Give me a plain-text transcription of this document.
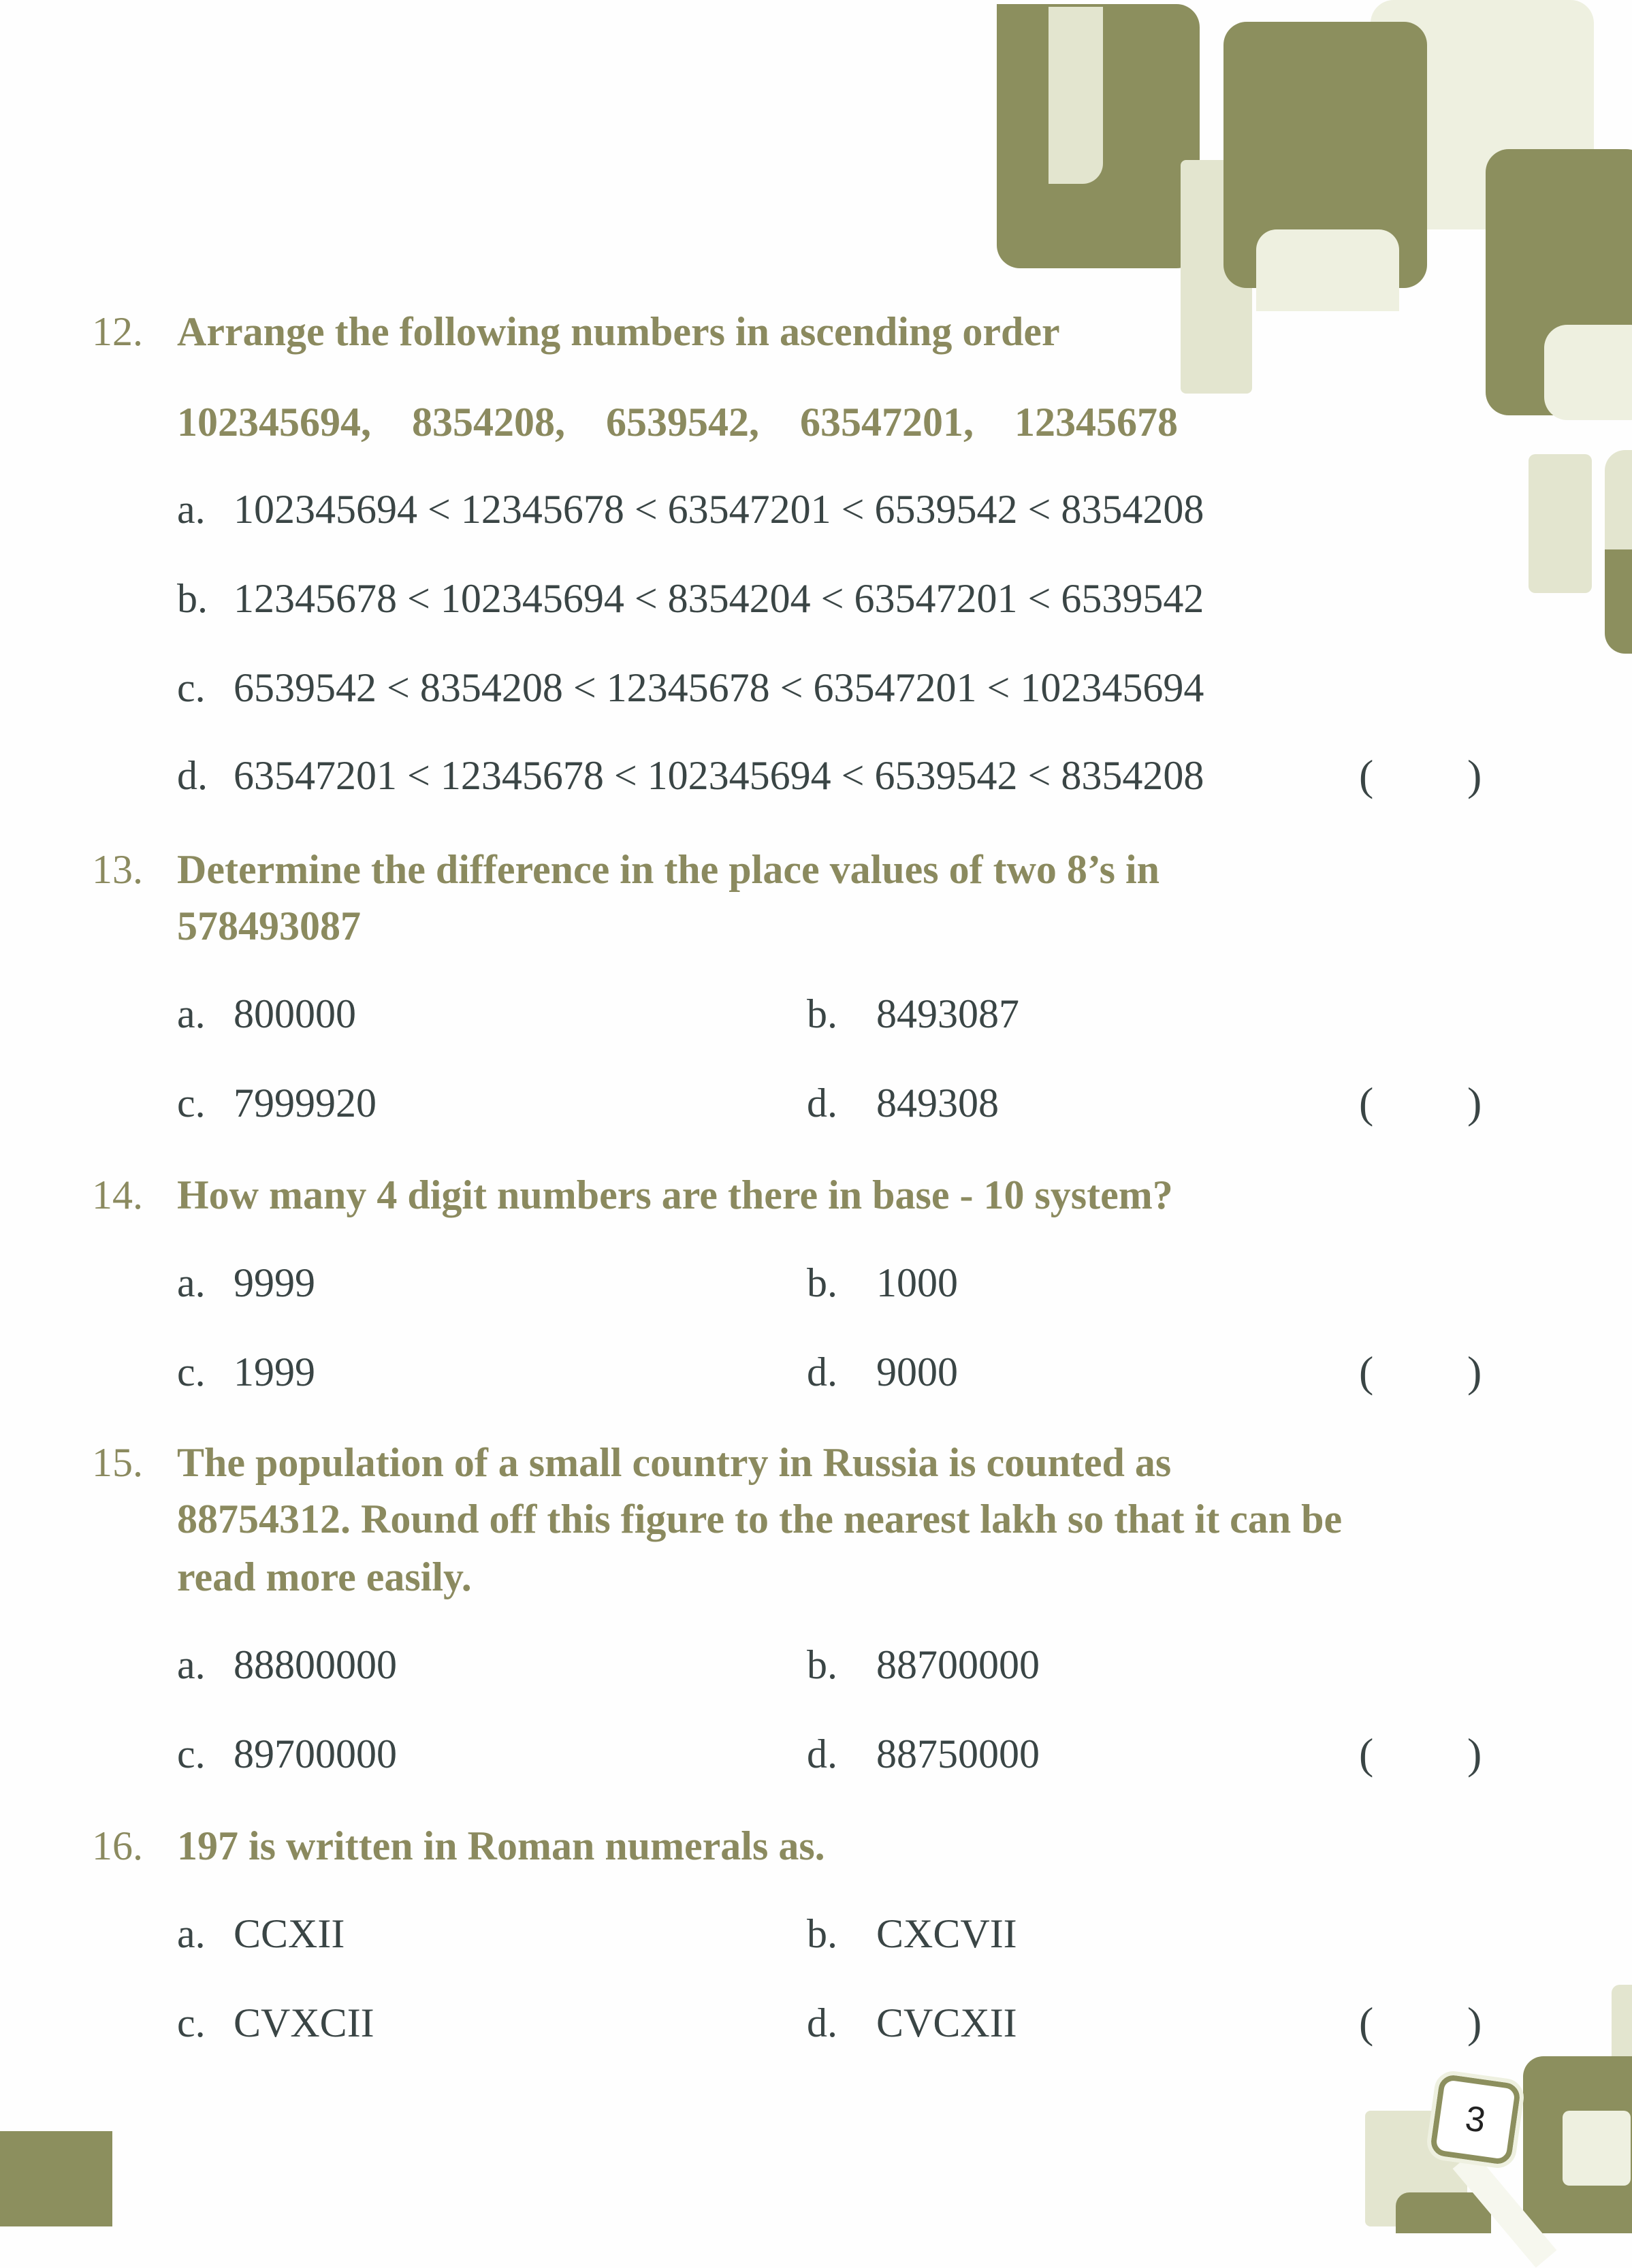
3
12. Arrange the following numbers in ascending order
102345694,    8354208,    6539542,    63547201,    12345678
a. 102345694 < 12345678 < 63547201 < 6539542 < 8354208
b. 12345678 < 102345694 < 8354204 < 63547201 < 6539542
c. 6539542 < 8354208 < 12345678 < 63547201 < 102345694
d. 63547201 < 12345678 < 102345694 < 6539542 < 8354208	( )
13. Determine the difference in the place values of two 8’s in
578493087
a. 800000	b. 8493087
c. 7999920	d. 849308	( )
14. How many 4 digit numbers are there in base - 10 system?
a. 9999	b. 1000
c. 1999	d. 9000	( )
15. The population of a small country in Russia is counted as
88754312. Round off this figure to the nearest lakh so that it can be
read more easily.
a. 88800000	b. 88700000
c. 89700000	d. 88750000	( )
16. 197 is written in Roman numerals as.
a. CCXII	b. CXCVII
c. CVXCII	d. CVCXII	( )
